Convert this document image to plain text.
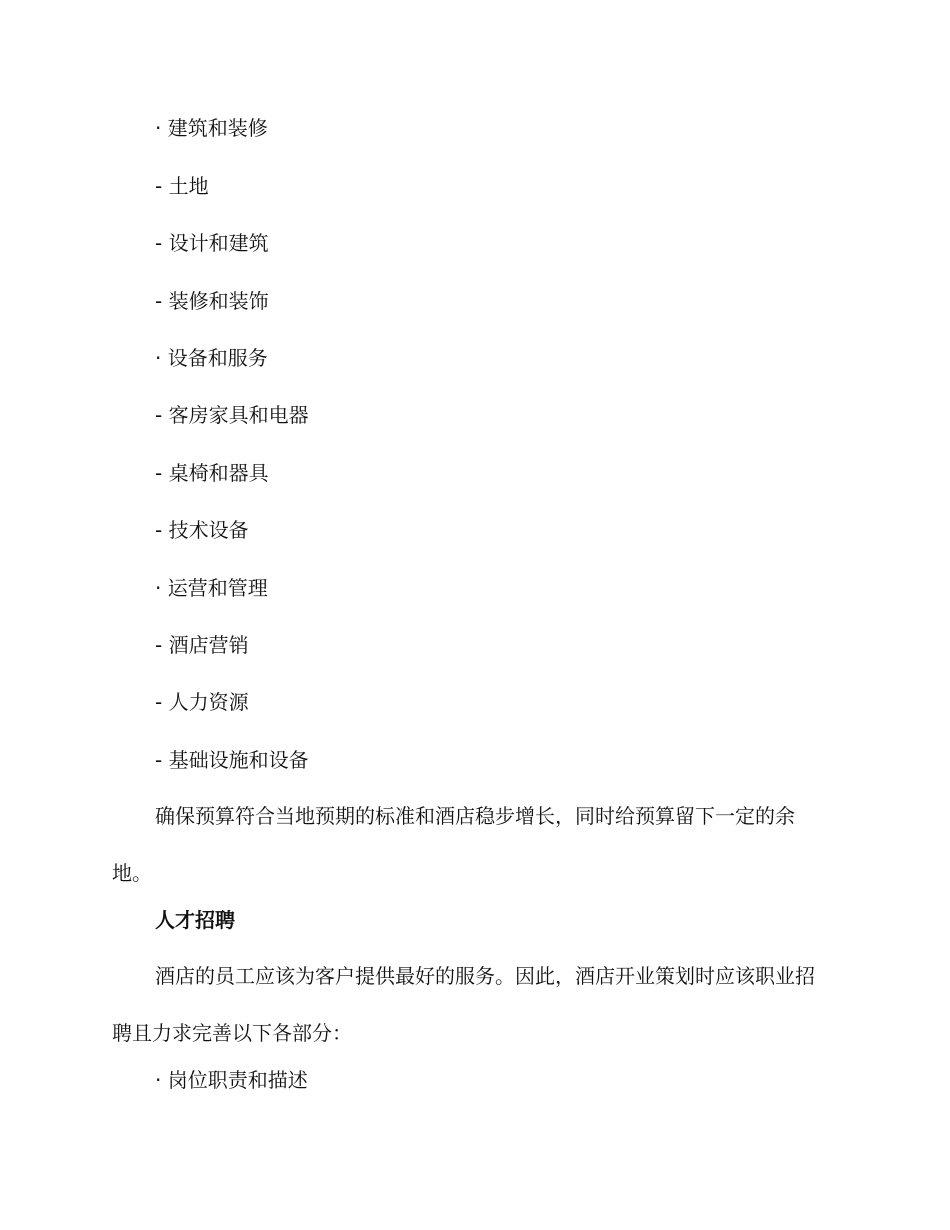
· 建筑和装修
- 土地
- 设计和建筑
- 装修和装饰
· 设备和服务
- 客房家具和电器
- 桌椅和器具
- 技术设备
· 运营和管理
- 酒店营销
- 人力资源
- 基础设施和设备
确保预算符合当地预期的标准和酒店稳步增长，同时给预算留下一定的余地。
人才招聘
酒店的员工应该为客户提供最好的服务。因此，酒店开业策划时应该职业招聘且力求完善以下各部分：
· 岗位职责和描述
